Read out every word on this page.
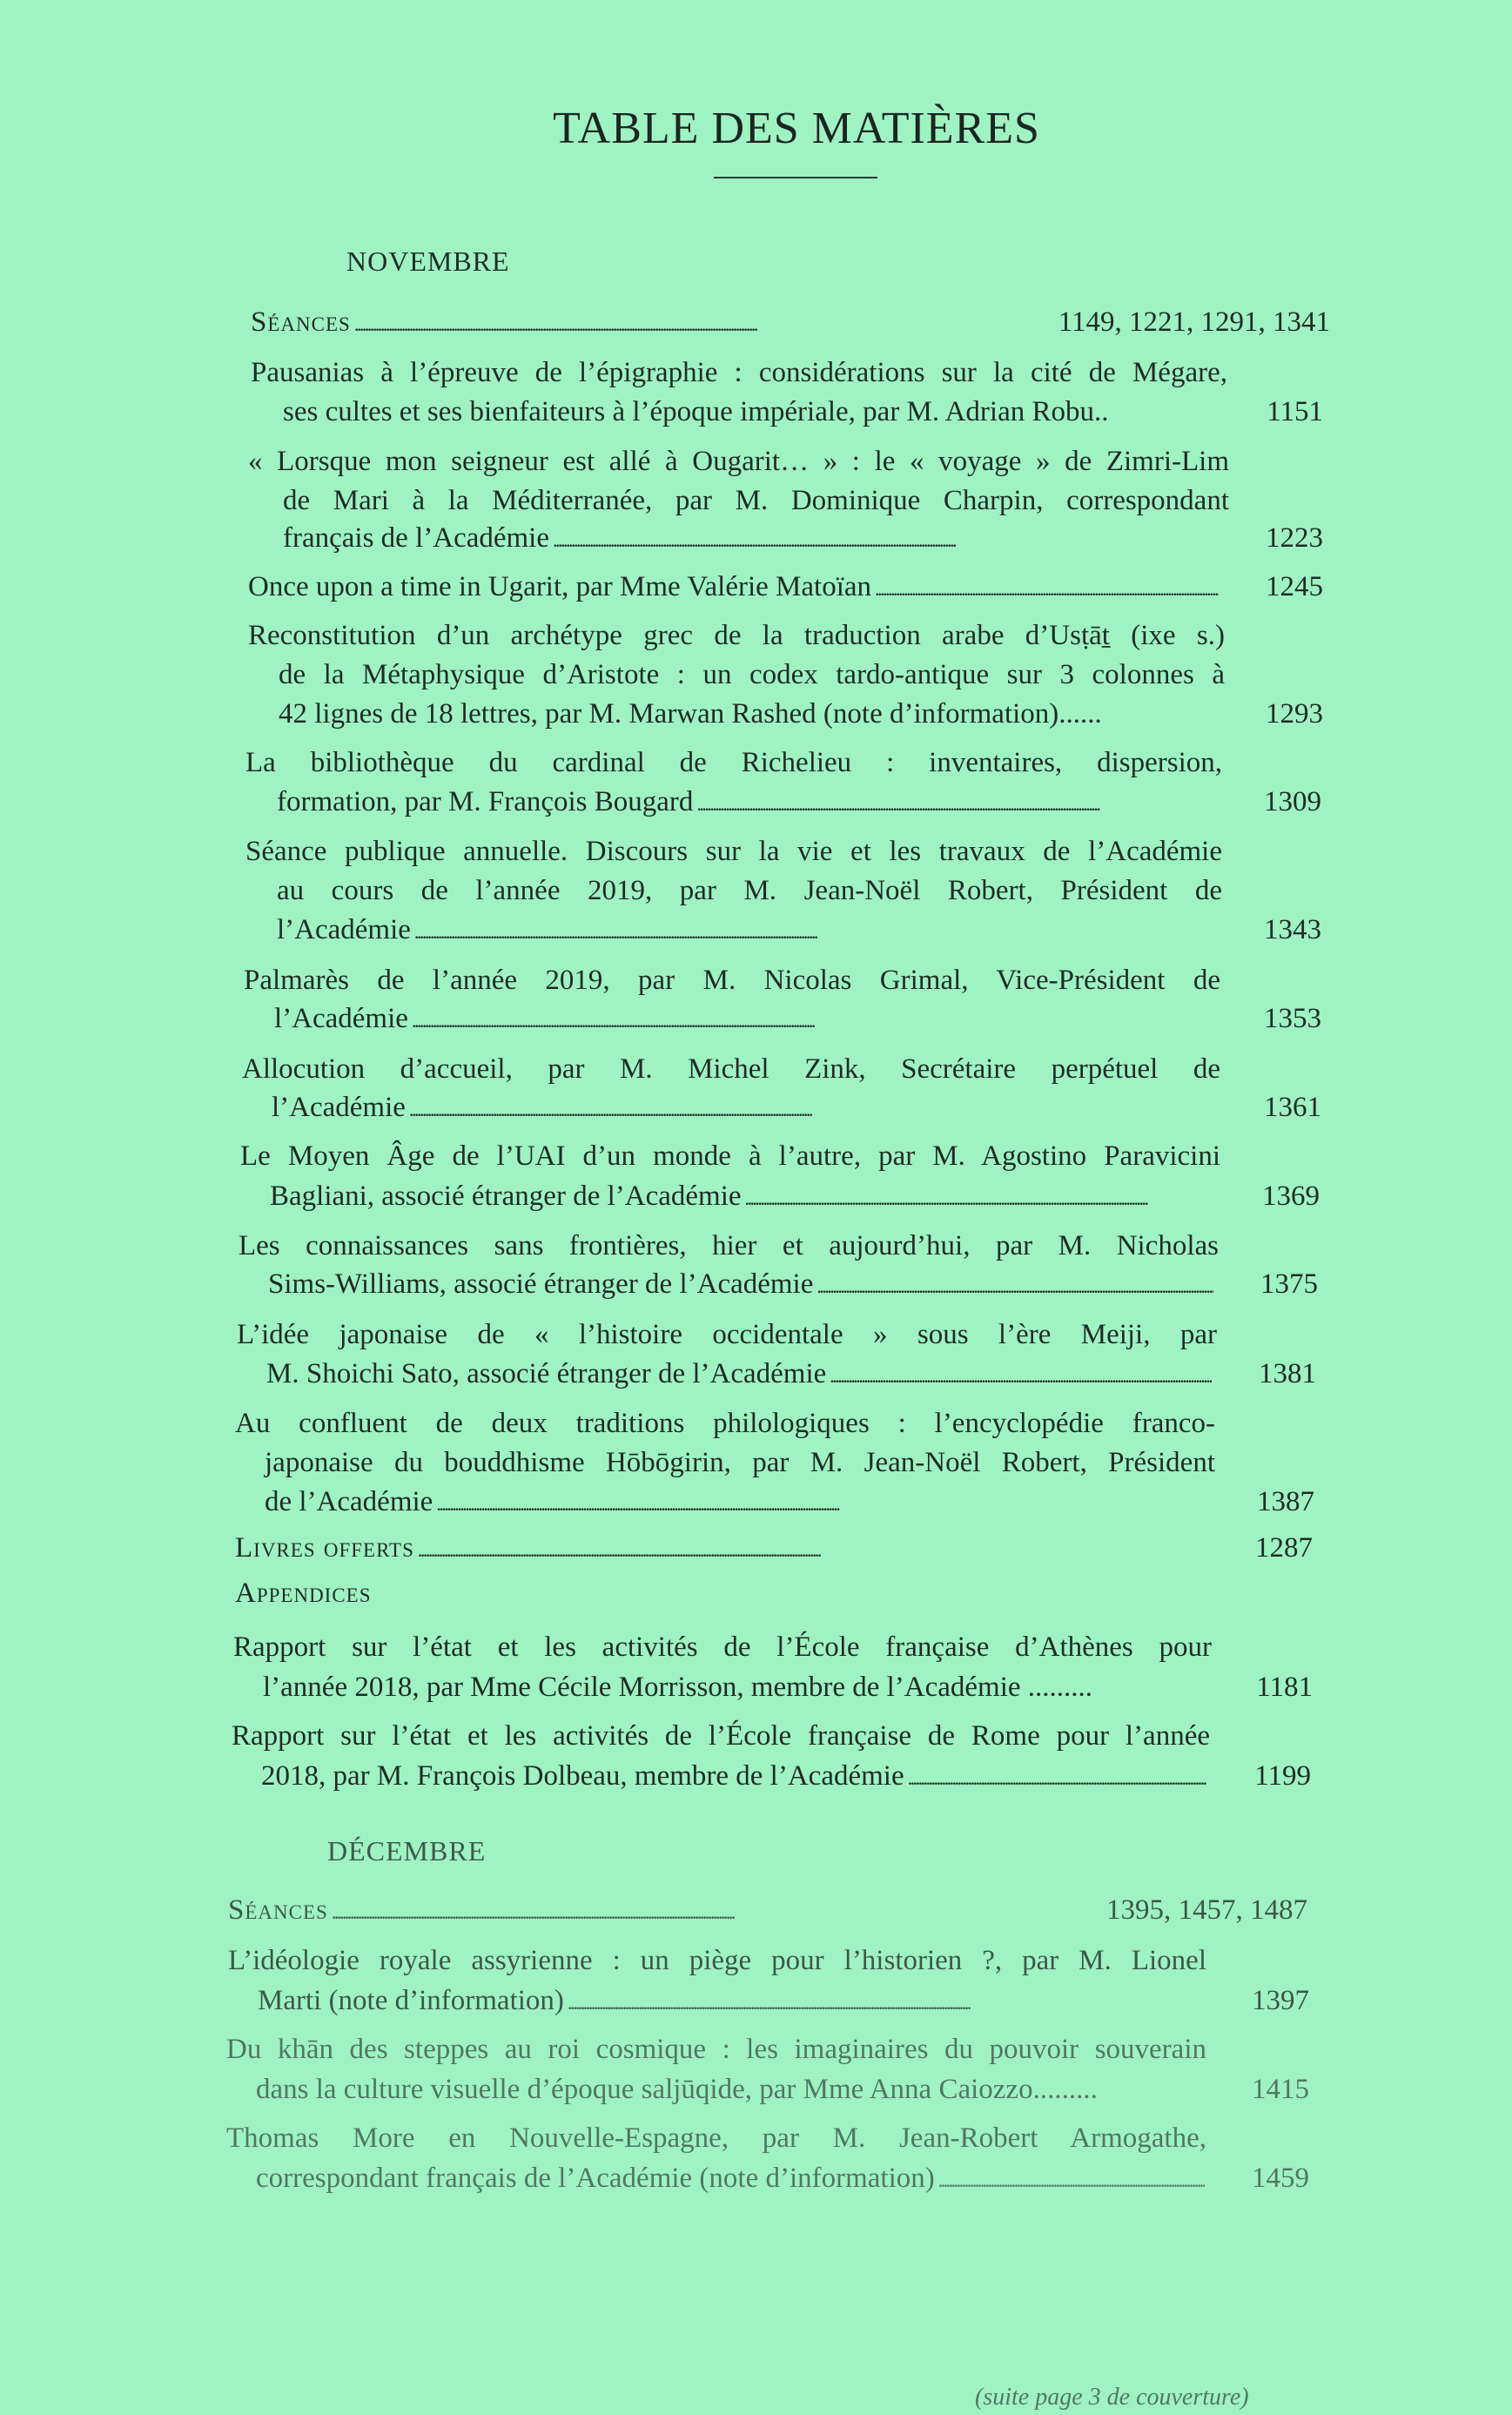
TABLE DES MATIÈRES
NOVEMBRE
Séances . . .	1149, 1221, 1291, 1341
Pausanias à l’épreuve de l’épigraphie : considérations sur la cité de Mégare,
ses cultes et ses bienfaiteurs à l’époque impériale, par M. Adrian Robu..	1151
« Lorsque mon seigneur est allé à Ougarit… » : le « voyage » de Zimri-Lim
de Mari à la Méditerranée, par M. Dominique Charpin, correspondant
français de l’Académie . . .	1223
Once upon a time in Ugarit, par Mme Valérie Matoïan . . .	1245
Reconstitution d’un archétype grec de la traduction arabe d’Usṭāṯ (ixe s.)
de la Métaphysique d’Aristote : un codex tardo-antique sur 3 colonnes à
42 lignes de 18 lettres, par M. Marwan Rashed (note d’information)......	1293
La bibliothèque du cardinal de Richelieu : inventaires, dispersion,
formation, par M. François Bougard . . .	1309
Séance publique annuelle. Discours sur la vie et les travaux de l’Académie
au cours de l’année 2019, par M. Jean-Noël Robert, Président de
l’Académie . . .	1343
Palmarès de l’année 2019, par M. Nicolas Grimal, Vice-Président de
l’Académie . . .	1353
Allocution d’accueil, par M. Michel Zink, Secrétaire perpétuel de
l’Académie . . .	1361
Le Moyen Âge de l’UAI d’un monde à l’autre, par M. Agostino Paravicini
Bagliani, associé étranger de l’Académie . . .	1369
Les connaissances sans frontières, hier et aujourd’hui, par M. Nicholas
Sims-Williams, associé étranger de l’Académie . . .	1375
L’idée japonaise de « l’histoire occidentale » sous l’ère Meiji, par
M. Shoichi Sato, associé étranger de l’Académie . . .	1381
Au confluent de deux traditions philologiques : l’encyclopédie franco-
japonaise du bouddhisme Hōbōgirin, par M. Jean-Noël Robert, Président
de l’Académie . . .	1387
Livres offerts . . .	1287
Appendices
Rapport sur l’état et les activités de l’École française d’Athènes pour
l’année 2018, par Mme Cécile Morrisson, membre de l’Académie .........	1181
Rapport sur l’état et les activités de l’École française de Rome pour l’année
2018, par M. François Dolbeau, membre de l’Académie . . .	1199
DÉCEMBRE
Séances . . .	1395, 1457, 1487
L’idéologie royale assyrienne : un piège pour l’historien ?, par M. Lionel
Marti (note d’information) . . .	1397
Du khān des steppes au roi cosmique : les imaginaires du pouvoir souverain
dans la culture visuelle d’époque saljūqide, par Mme Anna Caiozzo.........	1415
Thomas More en Nouvelle-Espagne, par M. Jean-Robert Armogathe,
correspondant français de l’Académie (note d’information) . . .	1459
(suite page 3 de couverture)
